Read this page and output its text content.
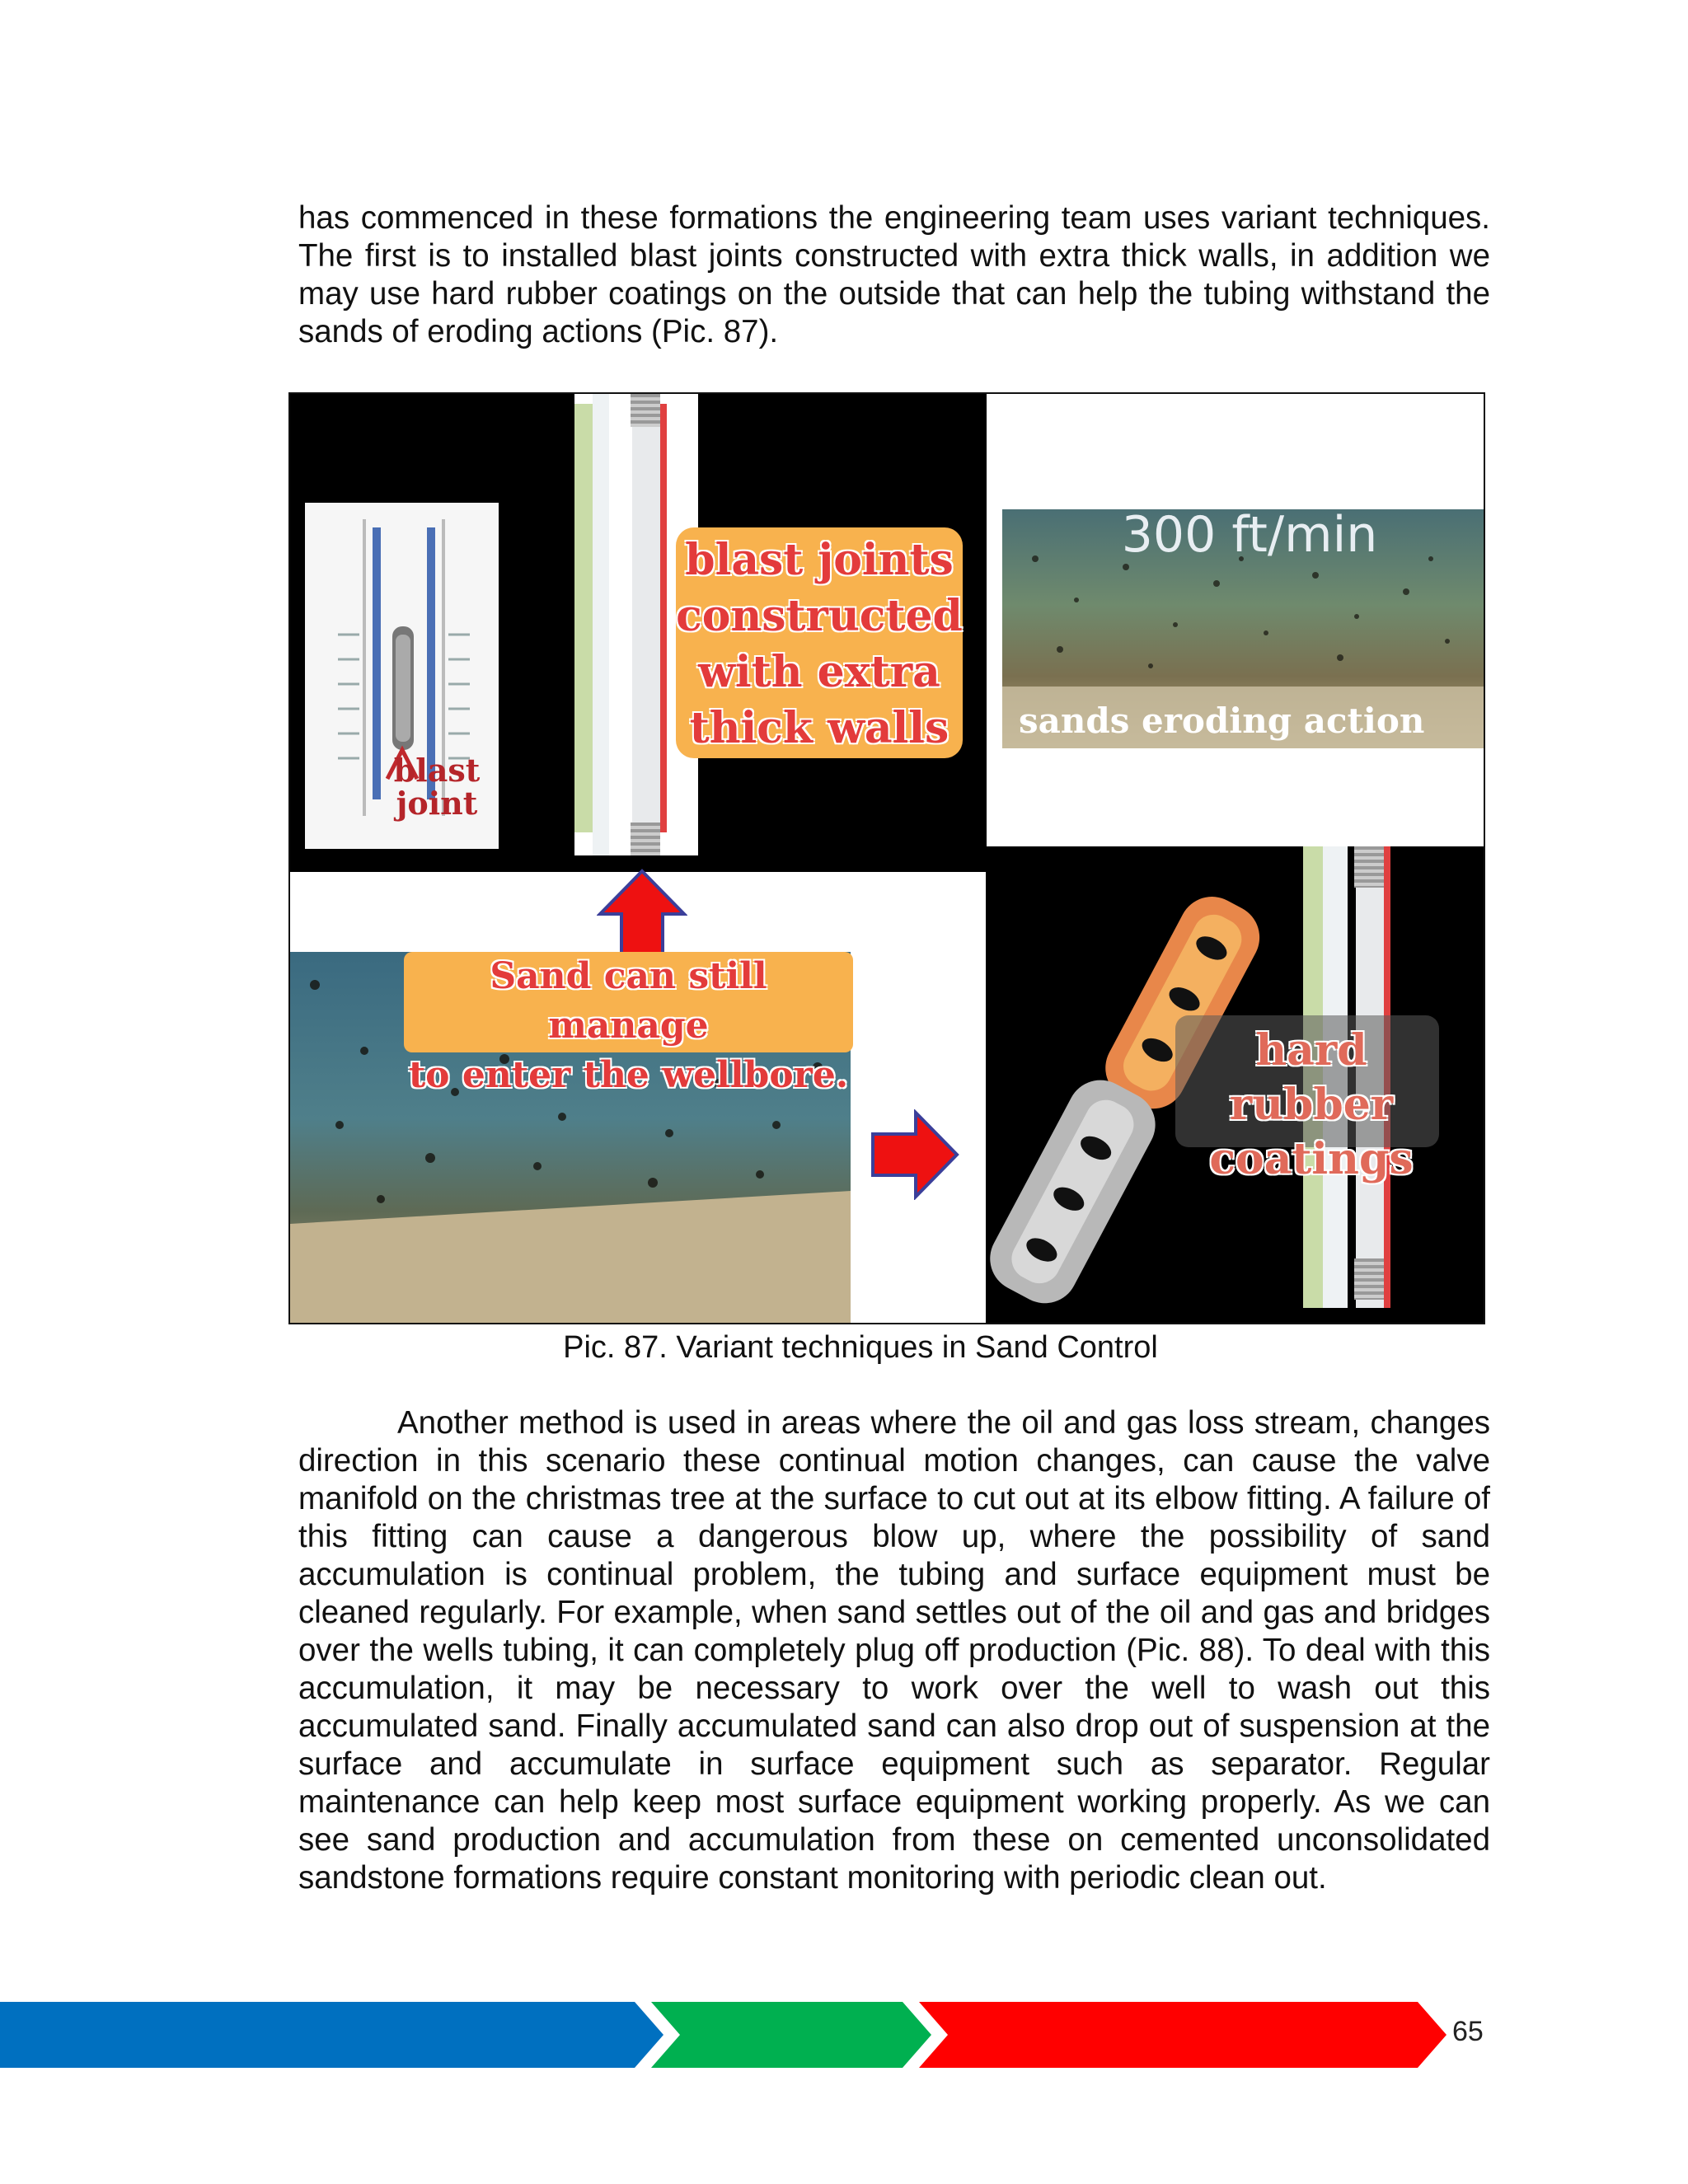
has commenced in these formations the engineering team uses variant techniques. The first is to installed blast joints constructed with extra thick walls, in addition we may use hard rubber coatings on the outside that can help the tubing withstand the sands of eroding actions (Pic. 87).

blast
joint
blast joints
constructed
with extra
thick walls
300 ft/min
sands eroding action
Sand can still manage
to enter the wellbore.	hard rubber
coatings
Pic. 87. Variant techniques in Sand Control

Another method is used in areas where the oil and gas loss stream, changes direction in this scenario these continual motion changes, can cause the valve manifold on the christmas tree at the surface to cut out at its elbow fitting. A failure of this fitting can cause a dangerous blow up, where the possibility of sand accumulation is continual problem, the tubing and surface equipment must be cleaned regularly. For example, when sand settles out of the oil and gas and bridges over the wells tubing, it can completely plug off production (Pic. 88). To deal with this accumulation, it may be necessary to work over the well to wash out this accumulated sand. Finally accumulated sand can also drop out of suspension at the surface and accumulate in surface equipment such as separator. Regular maintenance can help keep most surface equipment working properly. As we can see sand production and accumulation from these on cemented unconsolidated sandstone formations require constant monitoring with periodic clean out.

65
